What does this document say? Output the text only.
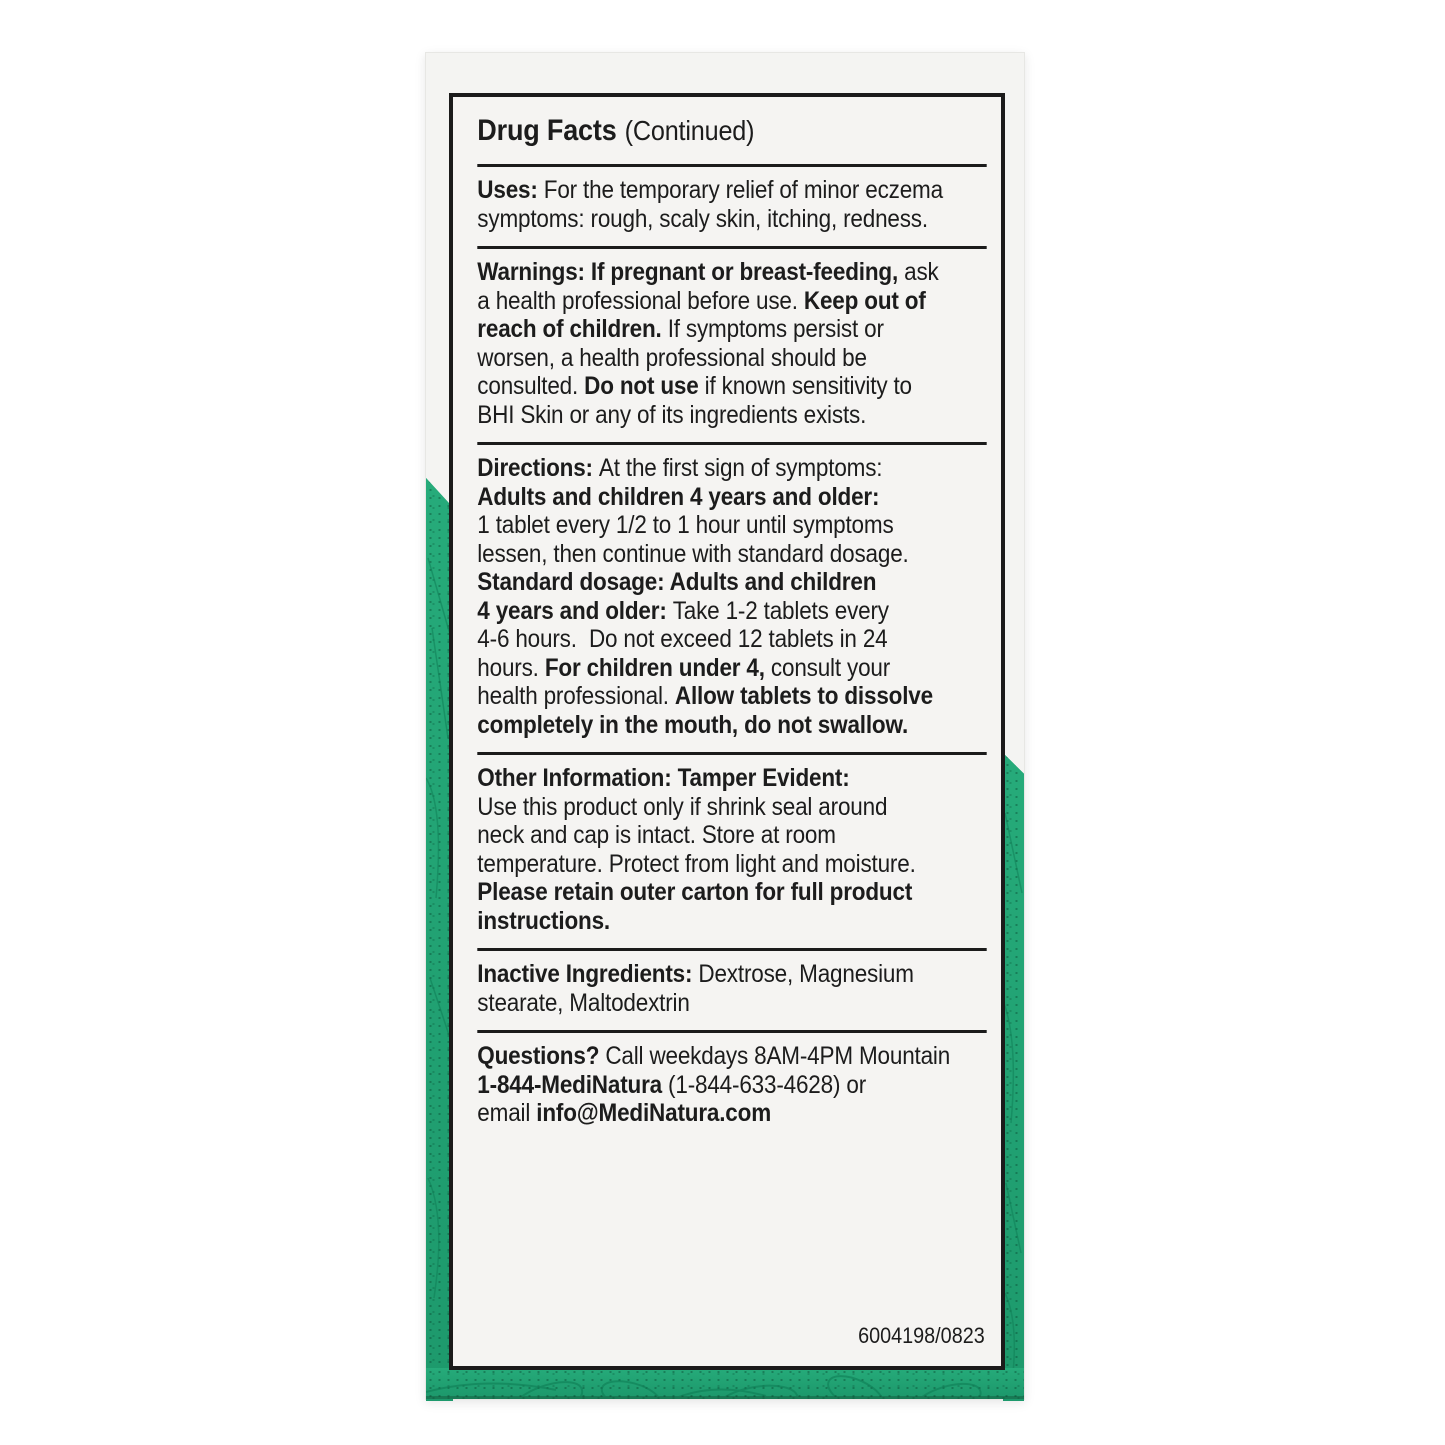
Drug Facts (Continued)
Uses: For the temporary relief of minor eczema
symptoms: rough, scaly skin, itching, redness.
Warnings: If pregnant or breast-feeding, ask
a health professional before use. Keep out of
reach of children. If symptoms persist or
worsen, a health professional should be
consulted. Do not use if known sensitivity to
BHI Skin or any of its ingredients exists.
Directions: At the first sign of symptoms:
Adults and children 4 years and older:
1 tablet every 1/2 to 1 hour until symptoms
lessen, then continue with standard dosage.
Standard dosage: Adults and children
4 years and older: Take 1-2 tablets every
4-6 hours.  Do not exceed 12 tablets in 24
hours. For children under 4, consult your
health professional. Allow tablets to dissolve
completely in the mouth, do not swallow.
Other Information: Tamper Evident:
Use this product only if shrink seal around
neck and cap is intact. Store at room
temperature. Protect from light and moisture.
Please retain outer carton for full product
instructions.
Inactive Ingredients: Dextrose, Magnesium
stearate, Maltodextrin
Questions? Call weekdays 8AM-4PM Mountain
1-844-MediNatura (1-844-633-4628) or
email info@MediNatura.com
6004198/0823
